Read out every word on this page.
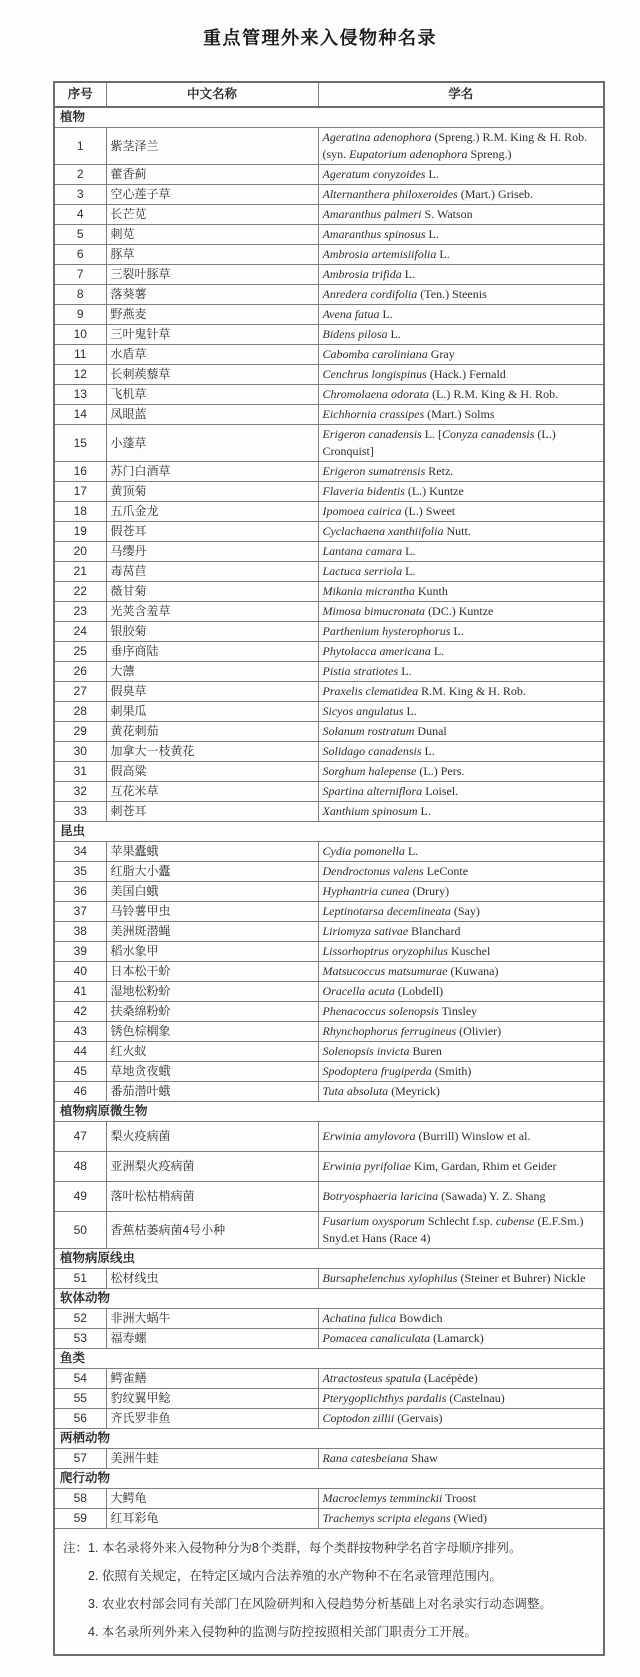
重点管理外来入侵物种名录
序号	中文名称	学名
植物		
1	紫茎泽兰	Ageratina adenophora (Spreng.) R.M. King & H. Rob. (syn. Eupatorium adenophora Spreng.)
2	藿香蓟	Ageratum conyzoides L.
3	空心莲子草	Alternanthera philoxeroides (Mart.) Griseb.
4	长芒苋	Amaranthus palmeri S. Watson
5	刺苋	Amaranthus spinosus L.
6	豚草	Ambrosia artemisiifolia L.
7	三裂叶豚草	Ambrosia trifida L.
8	落葵薯	Anredera cordifolia (Ten.) Steenis
9	野燕麦	Avena fatua L.
10	三叶鬼针草	Bidens pilosa L.
11	水盾草	Cabomba caroliniana Gray
12	长刺蒺藜草	Cenchrus longispinus (Hack.) Fernald
13	飞机草	Chromolaena odorata (L.) R.M. King & H. Rob.
14	凤眼蓝	Eichhornia crassipes (Mart.) Solms
15	小蓬草	Erigeron canadensis L. [Conyza canadensis (L.) Cronquist]
16	苏门白酒草	Erigeron sumatrensis Retz.
17	黄顶菊	Flaveria bidentis (L.) Kuntze
18	五爪金龙	Ipomoea cairica (L.) Sweet
19	假苍耳	Cyclachaena xanthiifolia Nutt.
20	马缨丹	Lantana camara L.
21	毒莴苣	Lactuca serriola L.
22	薇甘菊	Mikania micrantha Kunth
23	光荚含羞草	Mimosa bimucronata (DC.) Kuntze
24	银胶菊	Parthenium hysterophorus L.
25	垂序商陆	Phytolacca americana L.
26	大薸	Pistia stratiotes L.
27	假臭草	Praxelis clematidea R.M. King & H. Rob.
28	刺果瓜	Sicyos angulatus L.
29	黄花刺茄	Solanum rostratum Dunal
30	加拿大一枝黄花	Solidago canadensis L.
31	假高粱	Sorghum halepense (L.) Pers.
32	互花米草	Spartina alterniflora Loisel.
33	刺苍耳	Xanthium spinosum L.
昆虫		
34	苹果蠹蛾	Cydia pomonella L.
35	红脂大小蠹	Dendroctonus valens LeConte
36	美国白蛾	Hyphantria cunea (Drury)
37	马铃薯甲虫	Leptinotarsa decemlineata (Say)
38	美洲斑潜蝇	Liriomyza sativae Blanchard
39	稻水象甲	Lissorhoptrus oryzophilus Kuschel
40	日本松干蚧	Matsucoccus matsumurae (Kuwana)
41	湿地松粉蚧	Oracella acuta (Lobdell)
42	扶桑绵粉蚧	Phenacoccus solenopsis Tinsley
43	锈色棕榈象	Rhynchophorus ferrugineus (Olivier)
44	红火蚁	Solenopsis invicta Buren
45	草地贪夜蛾	Spodoptera frugiperda (Smith)
46	番茄潜叶蛾	Tuta absoluta (Meyrick)
植物病原微生物		
47	梨火疫病菌	Erwinia amylovora (Burrill) Winslow et al.
48	亚洲梨火疫病菌	Erwinia pyrifoliae Kim, Gardan, Rhim et Geider
49	落叶松枯梢病菌	Botryosphaeria laricina (Sawada) Y. Z. Shang
50	香蕉枯萎病菌4号小种	Fusarium oxysporum Schlecht f.sp. cubense (E.F.Sm.) Snyd.et Hans (Race 4)
植物病原线虫		
51	松材线虫	Bursaphelenchus xylophilus (Steiner et Buhrer) Nickle
软体动物		
52	非洲大蜗牛	Achatina fulica Bowdich
53	福寿螺	Pomacea canaliculata (Lamarck)
鱼类		
54	鳄雀鳝	Atractosteus spatula (Lacépède)
55	豹纹翼甲鲶	Pterygoplichthys pardalis (Castelnau)
56	齐氏罗非鱼	Coptodon zillii (Gervais)
两栖动物		
57	美洲牛蛙	Rana catesbeiana Shaw
爬行动物		
58	大鳄龟	Macroclemys temminckii Troost
59	红耳彩龟	Trachemys scripta elegans (Wied)

注：1. 本名录将外来入侵物种分为8个类群，每个类群按物种学名首字母顺序排列。
2. 依照有关规定，在特定区域内合法养殖的水产物种不在名录管理范围内。
3. 农业农村部会同有关部门在风险研判和入侵趋势分析基础上对名录实行动态调整。
4. 本名录所列外来入侵物种的监测与防控按照相关部门职责分工开展。		
